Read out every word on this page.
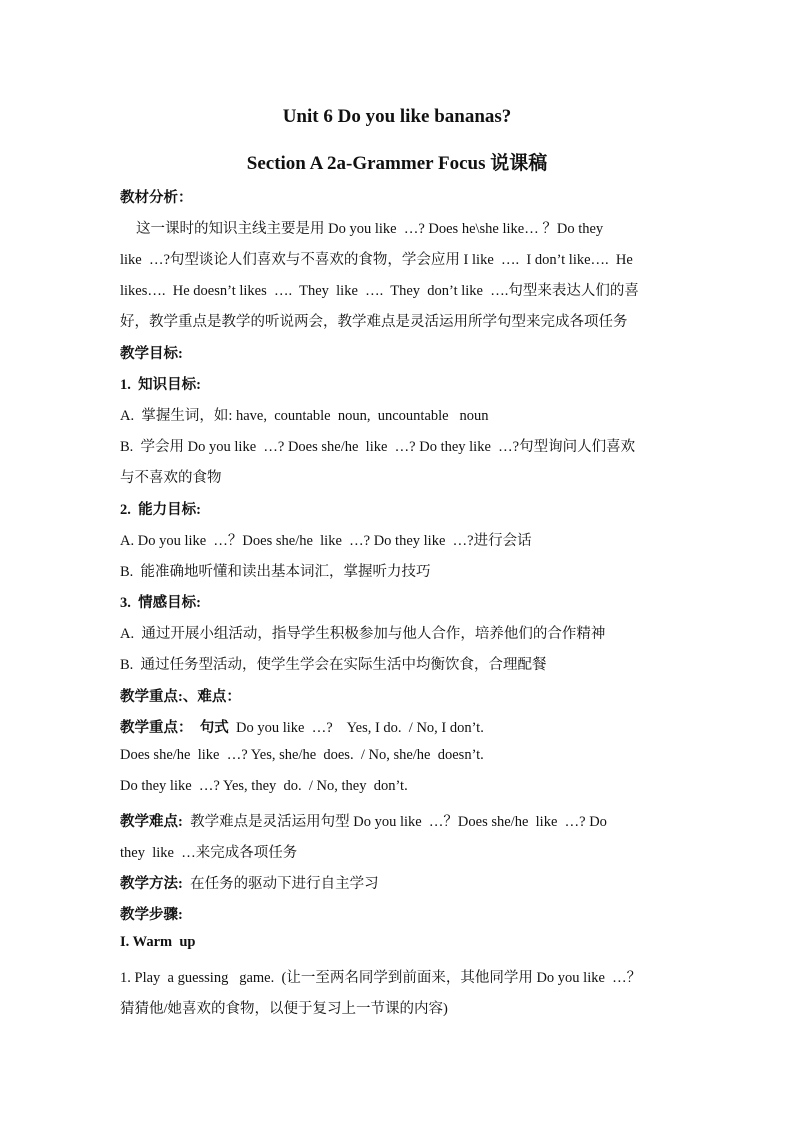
Unit 6 Do you like bananas?
Section A 2a-Grammer Focus 说课稿
教材分析：
这一课时的知识主线主要是用 Do you like  …? Does he\she like… ？Do they
like  …?句型谈论人们喜欢与不喜欢的食物，学会应用 I like  ….  I don’t like….  He
likes….  He doesn’t likes  ….  They  like  ….  They  don’t like  ….句型来表达人们的喜
好，教学重点是教学的听说两会，教学难点是灵活运用所学句型来完成各项任务
教学目标:
1.  知识目标:
A.  掌握生词，如: have,  countable  noun,  uncountable   noun
B.  学会用 Do you like  …? Does she/he  like  …? Do they like  …?句型询问人们喜欢
与不喜欢的食物
2.  能力目标:
A. Do you like  …？Does she/he  like  …? Do they like  …?进行会话
B.  能准确地听懂和读出基本词汇，掌握听力技巧
3.  情感目标:
A.  通过开展小组活动，指导学生积极参加与他人合作，培养他们的合作精神
B.  通过任务型活动，使学生学会在实际生活中均衡饮食，合理配餐
教学重点:、难点：
教学重点：  句式  Do you like  …?    Yes, I do.  / No, I don’t.
Does she/he  like  …? Yes, she/he  does.  / No, she/he  doesn’t.
Do they like  …? Yes, they  do.  / No, they  don’t.
教学难点:  教学难点是灵活运用句型 Do you like  …？Does she/he  like  …? Do
they  like  …来完成各项任务
教学方法:  在任务的驱动下进行自主学习
教学步骤:
I. Warm  up
1. Play  a guessing   game.  (让一至两名同学到前面来，其他同学用 Do you like  …？
猜猜他/她喜欢的食物，以便于复习上一节课的内容)
